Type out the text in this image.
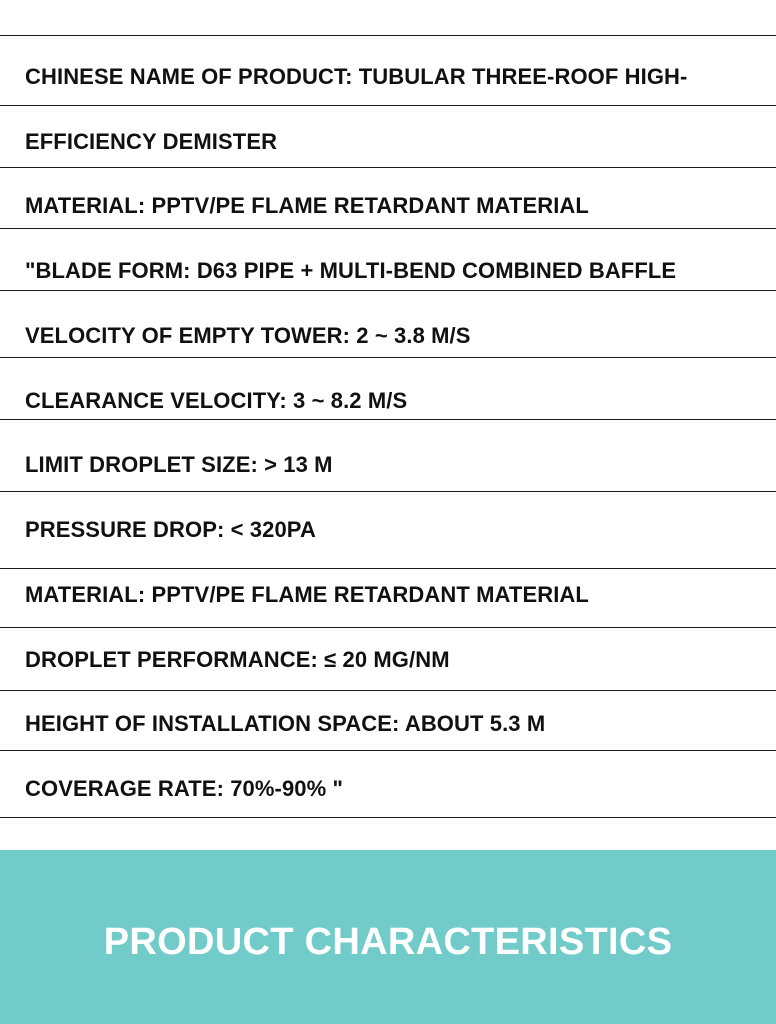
CHINESE NAME OF PRODUCT: TUBULAR THREE-ROOF HIGH-
EFFICIENCY DEMISTER
MATERIAL: PPTV/PE FLAME RETARDANT MATERIAL
"BLADE FORM: D63 PIPE + MULTI-BEND COMBINED BAFFLE
VELOCITY OF EMPTY TOWER: 2 ~ 3.8 M/S
CLEARANCE VELOCITY: 3 ~ 8.2 M/S
LIMIT DROPLET SIZE: > 13 M
PRESSURE DROP: < 320PA
MATERIAL: PPTV/PE FLAME RETARDANT MATERIAL
DROPLET PERFORMANCE: ≤ 20 MG/NM
HEIGHT OF INSTALLATION SPACE: ABOUT 5.3 M
COVERAGE RATE: 70%-90% "
PRODUCT CHARACTERISTICS
